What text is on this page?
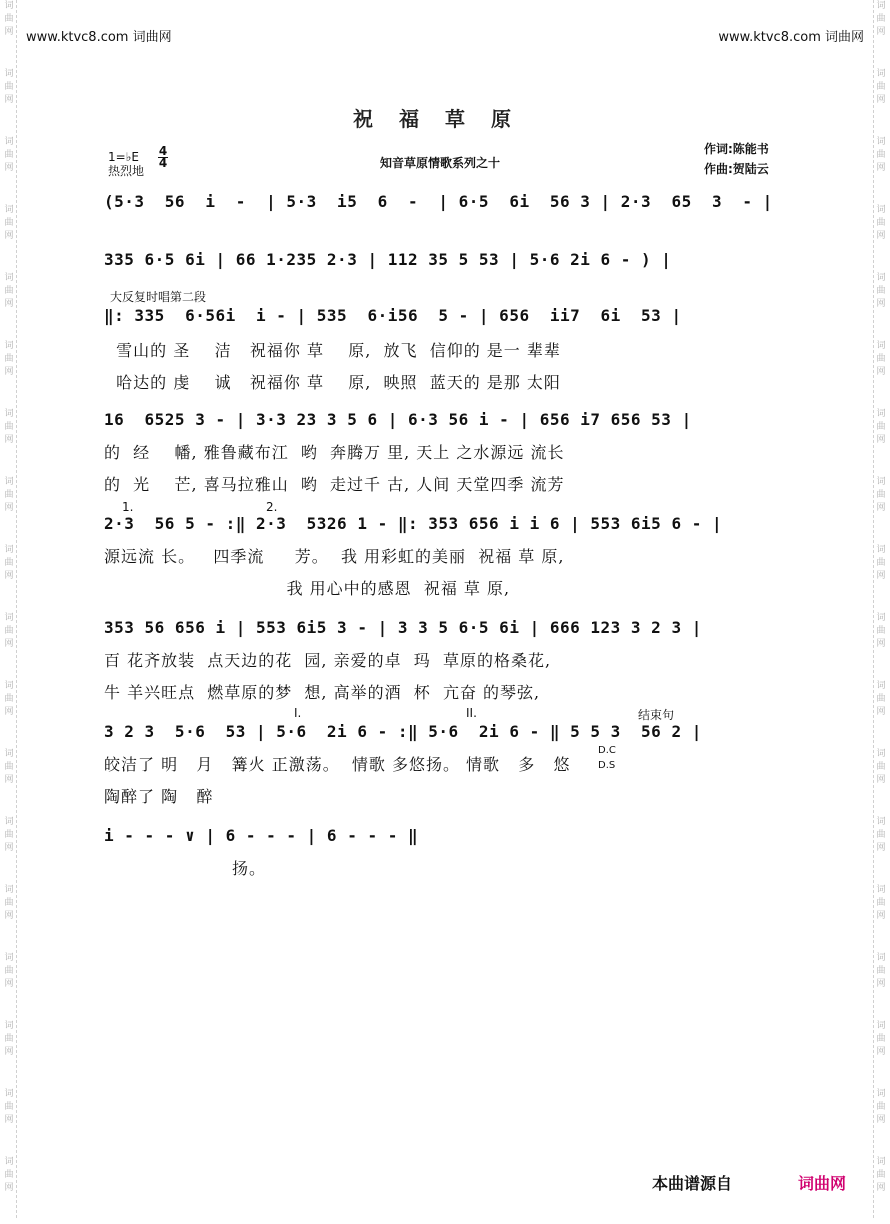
词
曲
网
词
曲
网
词
曲
网
词
曲
网
词
曲
网
词
曲
网
词
曲
网
词
曲
网
词
曲
网
词
曲
网
词
曲
网
词
曲
网
词
曲
网
词
曲
网
词
曲
网
词
曲
网
词
曲
网
词
曲
网
词
曲
网
词
曲
网
词
曲
网
词
曲
网
词
曲
网
词
曲
网
词
曲
网
词
曲
网
词
曲
网
词
曲
网
词
曲
网
词
曲
网
词
曲
网
词
曲
网
词
曲
网
词
曲
网
词
曲
网
词
曲
网
www.ktvc8.com 词曲网	www.ktvc8.com 词曲网
祝福草原
1=♭E
热烈地
4
4	知音草原情歌系列之十
作词:陈能书
作曲:贺陆云
(5·3  56  i  -  | 5·3  i5  6  -  | 6·5  6i  56 3 | 2·3  65  3  - |
335 6·5 6i | 66 1·235 2·3 | 112 35 5 53 | 5·6 2i 6 - ) |
大反复时唱第二段
‖: 335  6·56i  i - | 535  6·i56  5 - | 656  ii7  6i  53 |
雪山的 圣    洁   祝福你 草    原,  放飞  信仰的 是一 辈辈
哈达的 虔    诚   祝福你 草    原,  映照  蓝天的 是那 太阳
16  6525 3 - | 3·3 23 3 5 6 | 6·3 56 i - | 656 i7 656 53 |
的  经    幡, 雅鲁藏布江  哟  奔腾万 里, 天上 之水源远 流长
的  光    芒, 喜马拉雅山  哟  走过千 古, 人间 天堂四季 流芳
1.	2.
2·3  56 5 - :‖ 2·3  5326 1 - ‖: 353 656 i i 6 | 553 6i5 6 - |
源远流 长。   四季流     芳。  我 用彩虹的美丽  祝福 草 原,
我 用心中的感恩  祝福 草 原,
353 56 656 i | 553 6i5 3 - | 3 3 5 6·5 6i | 666 123 3 2 3 |
百 花齐放装  点天边的花  园, 亲爱的卓  玛  草原的格桑花,
牛 羊兴旺点  燃草原的梦  想, 高举的酒  杯  亢奋 的琴弦,
I.	II.	结束句
3 2 3  5·6  53 | 5·6  2i 6 - :‖ 5·6  2i 6 - ‖ 5 5 3  56 2 |
皎洁了 明   月   篝火 正激荡。  情歌 多悠扬。 情歌   多   悠
D.C
D.S
陶醉了 陶   醉
i - - - ∨ | 6 - - - | 6 - - - ‖
扬。
本曲谱源自	词曲网
